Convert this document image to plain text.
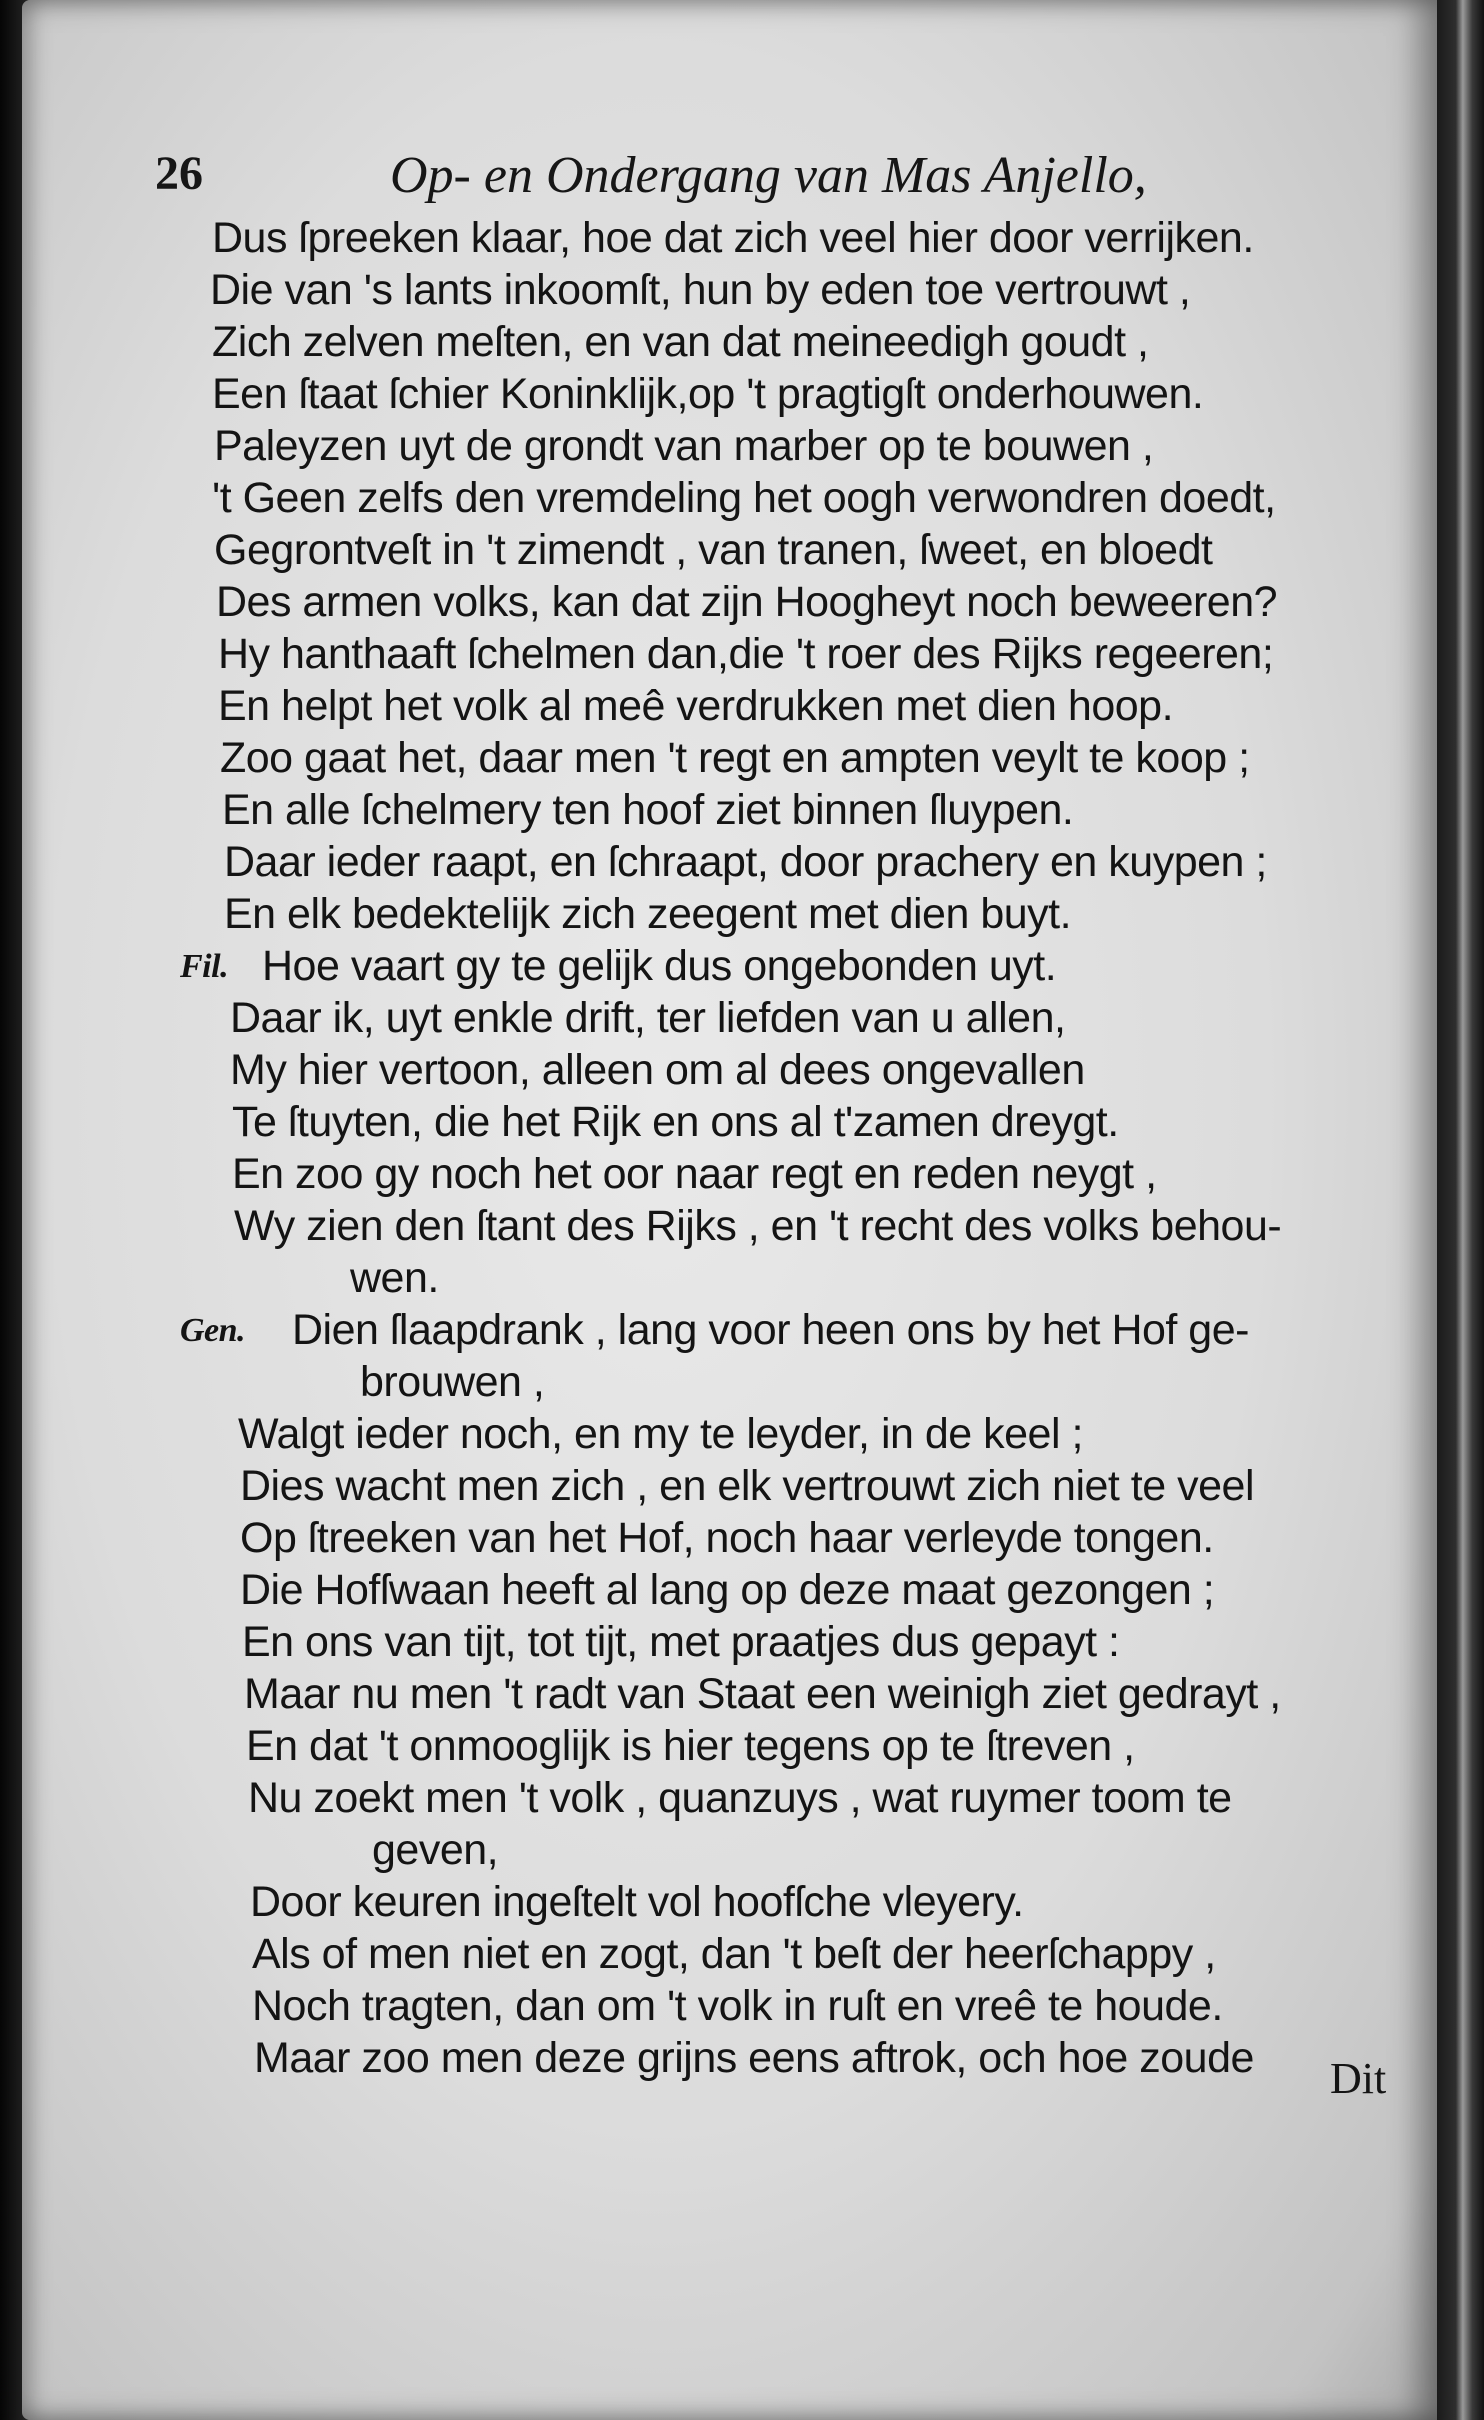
26	Op- en Ondergang van Mas Anjello,
Dus ſpreeken klaar, hoe dat zich veel hier door verrijken.
Die van 's lants inkoomſt, hun by eden toe vertrouwt ,
Zich zelven meſten, en van dat meineedigh goudt ,
Een ſtaat ſchier Koninklijk,op 't pragtigſt onderhouwen.
Paleyzen uyt de grondt van marber op te bouwen ,
't Geen zelfs den vremdeling het oogh verwondren doedt,
Gegrontveſt in 't zimendt , van tranen, ſweet, en bloedt
Des armen volks, kan dat zijn Hoogheyt noch beweeren?
Hy hanthaaft ſchelmen dan,die 't roer des Rijks regeeren;
En helpt het volk al meê verdrukken met dien hoop.
Zoo gaat het, daar men 't regt en ampten veylt te koop ;
En alle ſchelmery ten hoof ziet binnen ſluypen.
Daar ieder raapt, en ſchraapt, door prachery en kuypen ;
En elk bedektelijk zich zeegent met dien buyt.
Hoe vaart gy te gelijk dus ongebonden uyt.
Fil.
Daar ik, uyt enkle drift, ter liefden van u allen,
My hier vertoon, alleen om al dees ongevallen
Te ſtuyten, die het Rijk en ons al t'zamen dreygt.
En zoo gy noch het oor naar regt en reden neygt ,
Wy zien den ſtant des Rijks , en 't recht des volks behou-
wen.
Dien ſlaapdrank , lang voor heen ons by het Hof ge-
Gen.
brouwen ,
Walgt ieder noch, en my te leyder, in de keel ;
Dies wacht men zich , en elk vertrouwt zich niet te veel
Op ſtreeken van het Hof, noch haar verleyde tongen.
Die Hofſwaan heeft al lang op deze maat gezongen ;
En ons van tijt, tot tijt, met praatjes dus gepayt :
Maar nu men 't radt van Staat een weinigh ziet gedrayt ,
En dat 't onmooglijk is hier tegens op te ſtreven ,
Nu zoekt men 't volk , quanzuys , wat ruymer toom te
geven,
Door keuren ingeſtelt vol hoofſche vleyery.
Als of men niet en zogt, dan 't beſt der heerſchappy ,
Noch tragten, dan om 't volk in ruſt en vreê te houde.
Maar zoo men deze grijns eens aftrok, och hoe zoude Dit
